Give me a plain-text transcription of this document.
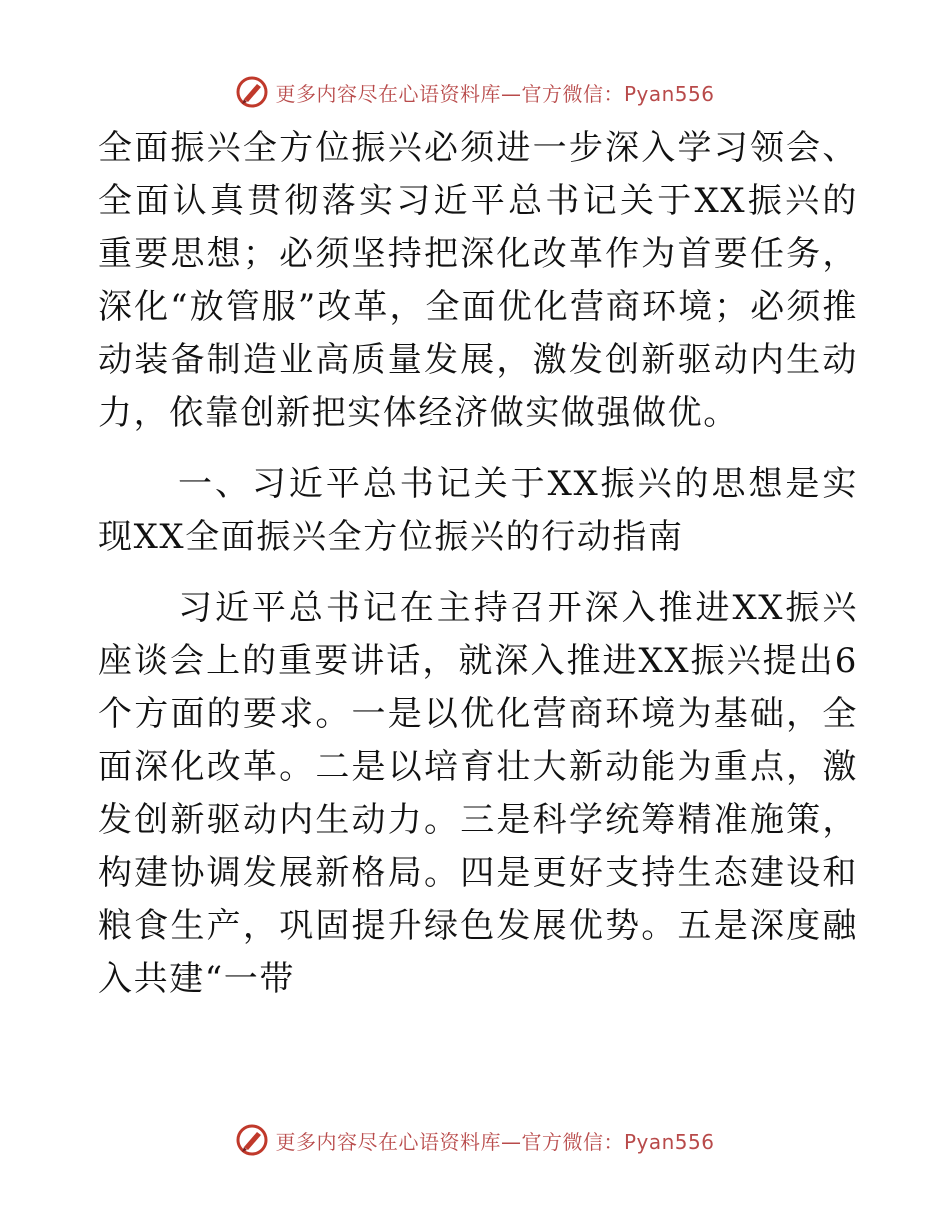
更多内容尽在心语资料库—官方微信：Pyan556

全面振兴全方位振兴必须进一步深入学习领会、全面认真贯彻落实习近平总书记关于XX振兴的重要思想；必须坚持把深化改革作为首要任务，深化“放管服”改革，全面优化营商环境；必须推动装备制造业高质量发展，激发创新驱动内生动力，依靠创新把实体经济做实做强做优。

一、习近平总书记关于XX振兴的思想是实现XX全面振兴全方位振兴的行动指南

习近平总书记在主持召开深入推进XX振兴座谈会上的重要讲话，就深入推进XX振兴提出6个方面的要求。一是以优化营商环境为基础，全面深化改革。二是以培育壮大新动能为重点，激发创新驱动内生动力。三是科学统筹精准施策，构建协调发展新格局。四是更好支持生态建设和粮食生产，巩固提升绿色发展优势。五是深度融入共建“一带

更多内容尽在心语资料库—官方微信：Pyan556
